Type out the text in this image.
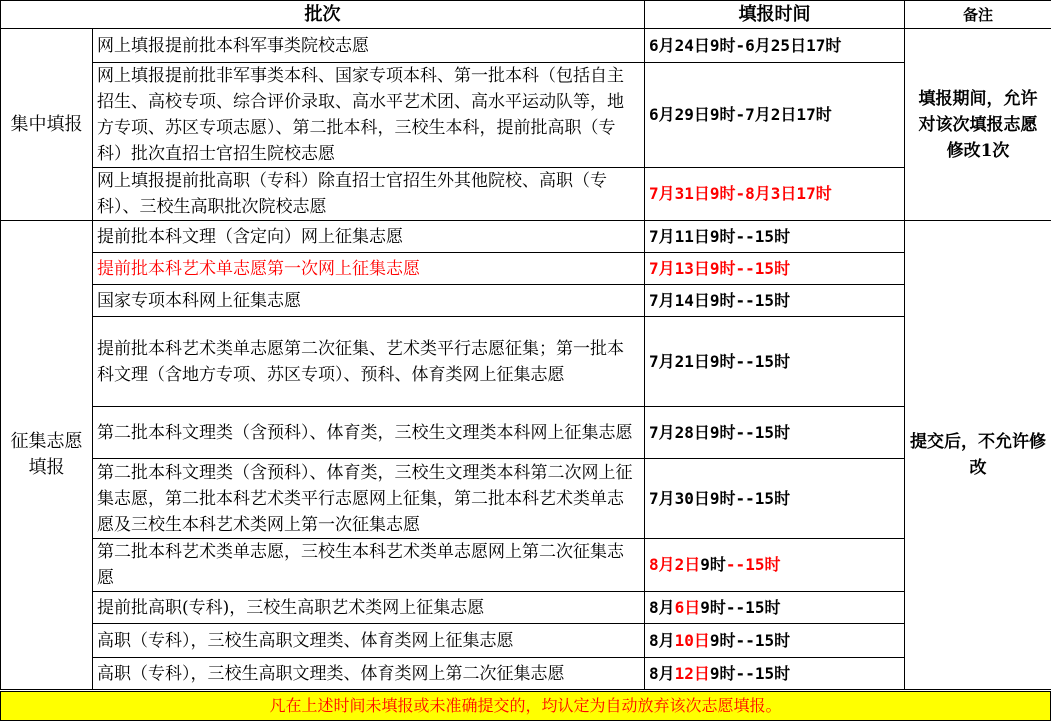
批次		填报时间	备注
集中填报	网上填报提前批本科军事类院校志愿	6月24日9时-6月25日17时	填报期间，允许对该次填报志愿修改1次
	网上填报提前批非军事类本科、国家专项本科、第一批本科（包括自主招生、高校专项、综合评价录取、高水平艺术团、高水平运动队等，地方专项、苏区专项志愿）、第二批本科，三校生本科，提前批高职（专科）批次直招士官招生院校志愿	6月29日9时-7月2日17时	
	网上填报提前批高职（专科）除直招士官招生外其他院校、高职（专科）、三校生高职批次院校志愿	7月31日9时-8月3日17时	
征集志愿填报	提前批本科文理（含定向）网上征集志愿	7月11日9时--15时	提交后，不允许修改
	提前批本科艺术单志愿第一次网上征集志愿	7月13日9时--15时	
	国家专项本科网上征集志愿	7月14日9时--15时	
	提前批本科艺术类单志愿第二次征集、艺术类平行志愿征集；第一批本科文理（含地方专项、苏区专项）、预科、体育类网上征集志愿	7月21日9时--15时	
	第二批本科文理类（含预科）、体育类，三校生文理类本科网上征集志愿	7月28日9时--15时	
	第二批本科文理类（含预科）、体育类，三校生文理类本科第二次网上征集志愿，第二批本科艺术类平行志愿网上征集，第二批本科艺术类单志愿及三校生本科艺术类网上第一次征集志愿	7月30日9时--15时	
	第二批本科艺术类单志愿，三校生本科艺术类单志愿网上第二次征集志愿	8月2日9时--15时	
	提前批高职(专科)，三校生高职艺术类网上征集志愿	8月6日9时--15时	
	高职（专科），三校生高职文理类、体育类网上征集志愿	8月10日9时--15时	
	高职（专科），三校生高职文理类、体育类网上第二次征集志愿	8月12日9时--15时	
凡在上述时间未填报或未准确提交的，均认定为自动放弃该次志愿填报。
